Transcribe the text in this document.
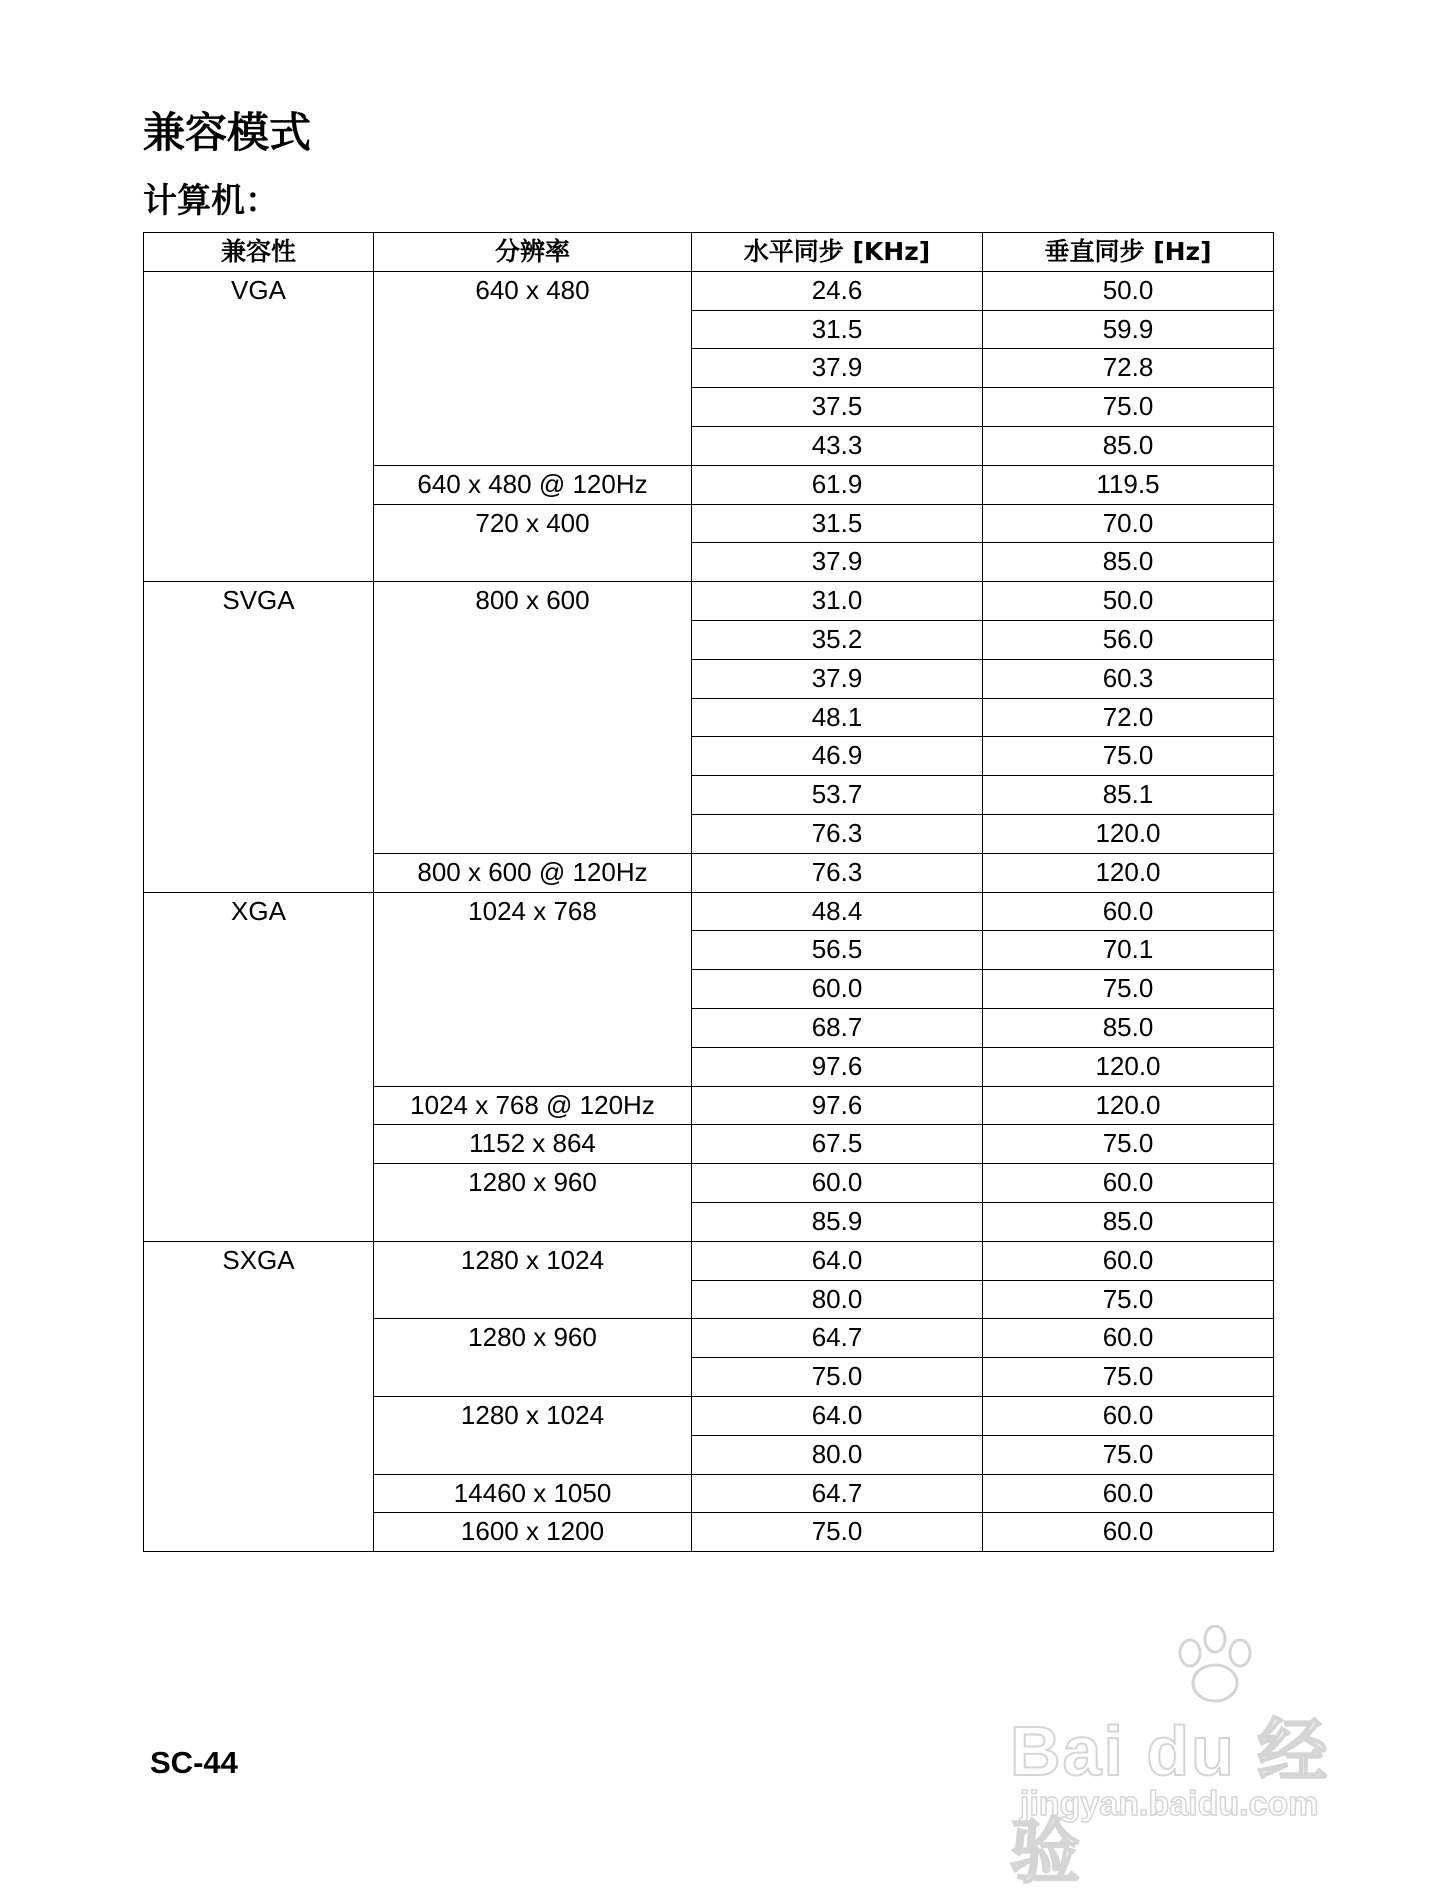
兼容模式
计算机：
兼容性	分辨率	水平同步 [KHz]	垂直同步 [Hz]
VGA	640 x 480	24.6	50.0
		31.5	59.9
		37.9	72.8
		37.5	75.0
		43.3	85.0
	640 x 480 @ 120Hz	61.9	119.5
	720 x 400	31.5	70.0
		37.9	85.0
SVGA	800 x 600	31.0	50.0
		35.2	56.0
		37.9	60.3
		48.1	72.0
		46.9	75.0
		53.7	85.1
		76.3	120.0
	800 x 600 @ 120Hz	76.3	120.0
XGA	1024 x 768	48.4	60.0
		56.5	70.1
		60.0	75.0
		68.7	85.0
		97.6	120.0
	1024 x 768 @ 120Hz	97.6	120.0
	1152 x 864	67.5	75.0
	1280 x 960	60.0	60.0
		85.9	85.0
SXGA	1280 x 1024	64.0	60.0
		80.0	75.0
	1280 x 960	64.7	60.0
		75.0	75.0
	1280 x 1024	64.0	60.0
		80.0	75.0
	14460 x 1050	64.7	60.0
	1600 x 1200	75.0	60.0
SC-44	Bai du 经验
jingyan.baidu.com
